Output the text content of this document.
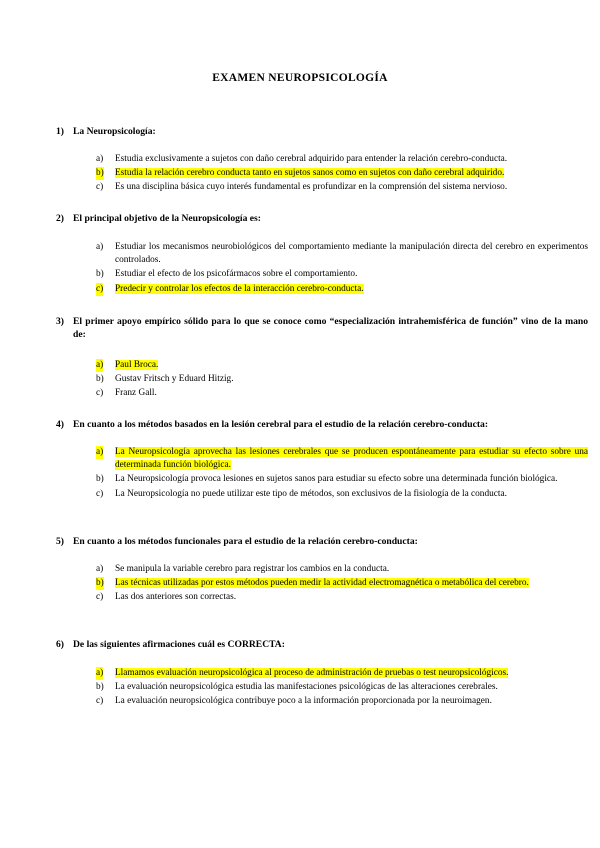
EXAMEN NEUROPSICOLOGÍA
1) La Neuropsicología:
a) Estudia exclusivamente a sujetos con daño cerebral adquirido para entender la relación cerebro-conducta.
b) Estudia la relación cerebro conducta tanto en sujetos sanos como en sujetos con daño cerebral adquirido.
c) Es una disciplina básica cuyo interés fundamental es profundizar en la comprensión del sistema nervioso.
2) El principal objetivo de la Neuropsicología es:
a) Estudiar los mecanismos neurobiológicos del comportamiento mediante la manipulación directa del cerebro en experimentos controlados.
b) Estudiar el efecto de los psicofármacos sobre el comportamiento.
c) Predecir y controlar los efectos de la interacción cerebro-conducta.
3) El primer apoyo empírico sólido para lo que se conoce como “especialización intrahemisférica de función” vino de la mano de:
a) Paul Broca.
b) Gustav Fritsch y Eduard Hitzig.
c) Franz Gall.
4) En cuanto a los métodos basados en la lesión cerebral para el estudio de la relación cerebro-conducta:
a) La Neuropsicología aprovecha las lesiones cerebrales que se producen espontáneamente para estudiar su efecto sobre una determinada función biológica.
b) La Neuropsicología provoca lesiones en sujetos sanos para estudiar su efecto sobre una determinada función biológica.
c) La Neuropsicología no puede utilizar este tipo de métodos, son exclusivos de la fisiología de la conducta.
5) En cuanto a los métodos funcionales para el estudio de la relación cerebro-conducta:
a) Se manipula la variable cerebro para registrar los cambios en la conducta.
b) Las técnicas utilizadas por estos métodos pueden medir la actividad electromagnética o metabólica del cerebro.
c) Las dos anteriores son correctas.
6) De las siguientes afirmaciones cuál es CORRECTA:
a) Llamamos evaluación neuropsicológica al proceso de administración de pruebas o test neuropsicológicos.
b) La evaluación neuropsicológica estudia las manifestaciones psicológicas de las alteraciones cerebrales.
c) La evaluación neuropsicológica contribuye poco a la información proporcionada por la neuroimagen.
